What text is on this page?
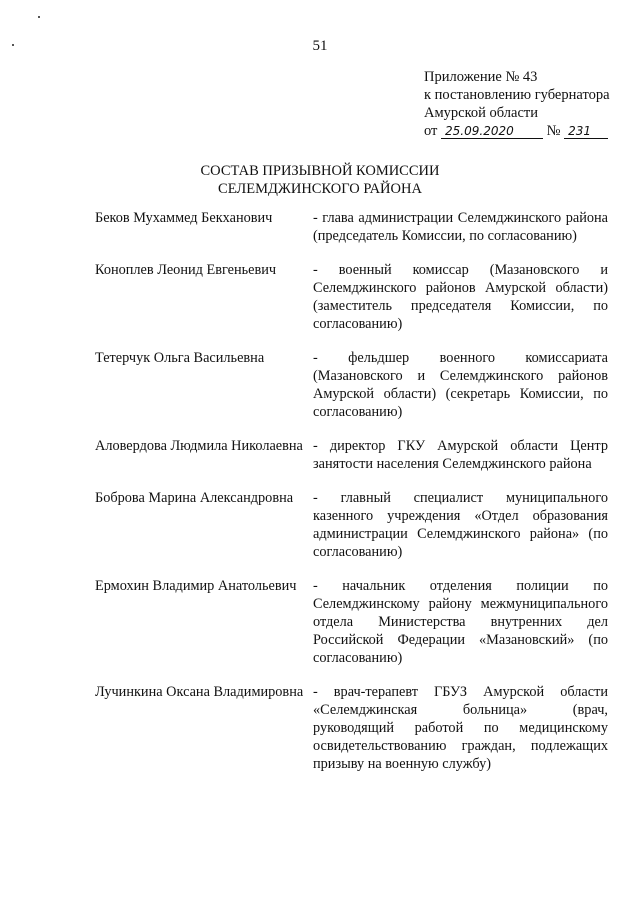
51
Приложение № 43
к постановлению губернатора
Амурской области
от 25.09.2020 № 231
СОСТАВ ПРИЗЫВНОЙ КОМИССИИ
СЕЛЕМДЖИНСКОГО РАЙОНА
Беков Мухаммед Бекханович	- глава администрации Селемджинского района (председатель Комиссии, по согласованию)
Коноплев Леонид Евгеньевич	- военный комиссар (Мазановского и Селемджинского районов Амурской области) (заместитель председателя Комиссии, по согласованию)
Тетерчук Ольга Васильевна	- фельдшер военного комиссариата (Мазановского и Селемджинского районов Амурской области) (секретарь Комиссии, по согласованию)
Аловердова Людмила Николаевна - директор ГКУ Амурской области Центр занятости населения Селемджинского района
Боброва Марина Александровна	- главный специалист муниципального казенного учреждения «Отдел образования администрации Селемджинского района» (по согласованию)
Ермохин Владимир Анатольевич	- начальник отделения полиции по Селемджинскому району межмуниципального отдела Министерства внутренних дел Российской Федерации «Мазановский» (по согласованию)
Лучинкина Оксана Владимировна - врач-терапевт ГБУЗ Амурской области «Селемджинская больница» (врач, руководящий работой по медицинскому освидетельствованию граждан, подлежащих призыву на военную службу)
